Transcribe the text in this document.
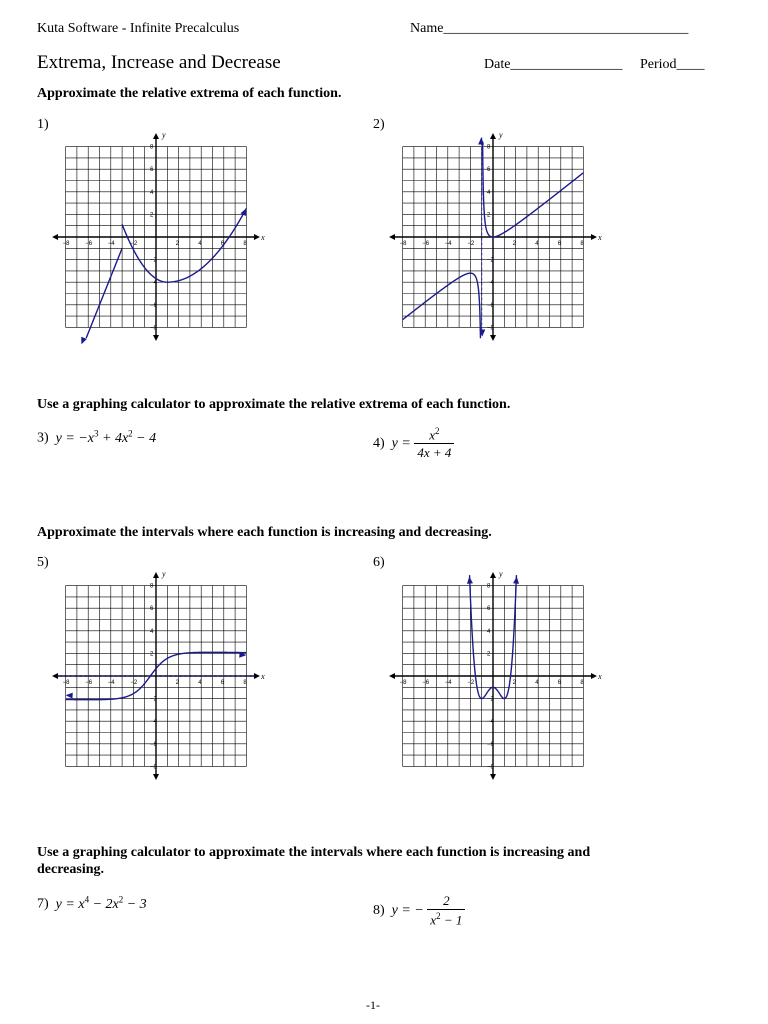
Kuta Software - Infinite Precalculus	Name___________________________________
Extrema, Increase and Decrease	Date________________ Period____
Approximate the relative extrema of each function.
1)	2)
−8	−6	−4	−2	2	4	6	8
8
6
4
2
−2
−4
−6
−8
x
y
−8	−6	−4	−2	2	4	6	8
8
6
4
2
−2
−4
−6
−8
x
y
Use a graphing calculator to approximate the relative extrema of each function.
3) $y = -x^3 + 4x^2 - 4$	4) $y = \frac{x^2}{4x + 4}$
Approximate the intervals where each function is increasing and decreasing.
5)	6)
−8	−6	−4	−2	2	4	6	8
8
6
4
2
−2
−4
−6
−8
x
y
−8	−6	−4	−2	2	4	6	8
8
6
4
2
−2
−4
−6
−8
x
y
Use a graphing calculator to approximate the intervals where each function is increasing and
decreasing.
7) $y = x^4 - 2x^2 - 3$	8) y = − $\frac{2}{x^2 - 1}$
-1-
